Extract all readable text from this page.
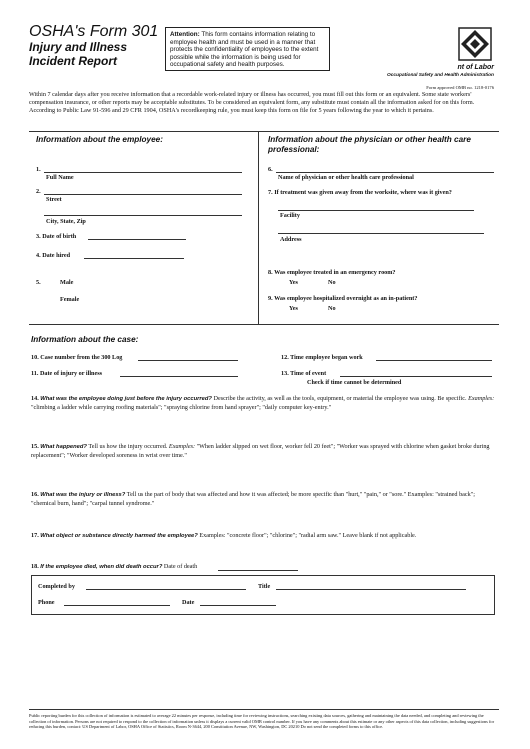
OSHA's Form 301
Injury and Illness Incident Report
Attention: This form contains information relating to employee health and must be used in a manner that protects the confidentiality of employees to the extent possible while the information is being used for occupational safety and health purposes.	nt of Labor
Occupational Safety and Health Administration
Form approved OMB no. 1218-0176
Within 7 calendar days after you receive information that a recordable work-related injury or illness has occurred, you must fill out this form or an equivalent. Some state workers' compensation insurance, or other reports may be acceptable substitutes. To be considered an equivalent form, any substitute must contain all the information asked for on this form. According to Public Law 91-596 and 29 CFR 1904, OSHA's recordkeeping rule, you must keep this form on file for 5 years following the year to which it pertains.
Information about the employee:
1.
Full Name
2.
Street
City, State, Zip
3. Date of birth
4. Date hired
5.	Male
Female
Information about the physician or other health care professional:
6.
Name of physician or other health care professional
7. If treatment was given away from the worksite, where was it given?
Facility
Address
8. Was employee treated in an emergency room?
Yes	No
9. Was employee hospitalized overnight as an in-patient?
Yes	No
Information about the case:
10. Case number from the 300 Log	12. Time employee began work
11. Date of injury or illness	13. Time of event
Check if time cannot be determined
14. What was the employee doing just before the injury occurred? Describe the activity, as well as the tools, equipment, or material the employee was using. Be specific. Examples: "climbing a ladder while carrying roofing materials"; "spraying chlorine from hand sprayer"; "daily computer key-entry."
15. What happened? Tell us how the injury occurred. Examples: "When ladder slipped on wet floor, worker fell 20 feet"; "Worker was sprayed with chlorine when gasket broke during replacement"; "Worker developed soreness in wrist over time."
16. What was the injury or illness? Tell us the part of body that was affected and how it was affected; be more specific than "hurt," "pain," or "sore." Examples: "strained back"; "chemical burn, hand"; "carpal tunnel syndrome."
17. What object or substance directly harmed the employee? Examples: "concrete floor"; "chlorine"; "radial arm saw." Leave blank if not applicable.
18. If the employee died, when did death occur? Date of death
Completed by	Title
Phone	Date
Public reporting burden for this collection of information is estimated to average 22 minutes per response, including time for reviewing instructions, searching existing data sources, gathering and maintaining the data needed, and completing and reviewing the collection of information. Persons are not required to respond to the collection of information unless it displays a current valid OMB control number. If you have any comments about this estimate or any other aspects of this data collection, including suggestions for reducing this burden, contact: US Department of Labor, OSHA Office of Statistics, Room N-3644, 200 Constitution Avenue, NW, Washington, DC 20210 Do not send the completed forms to this office.
